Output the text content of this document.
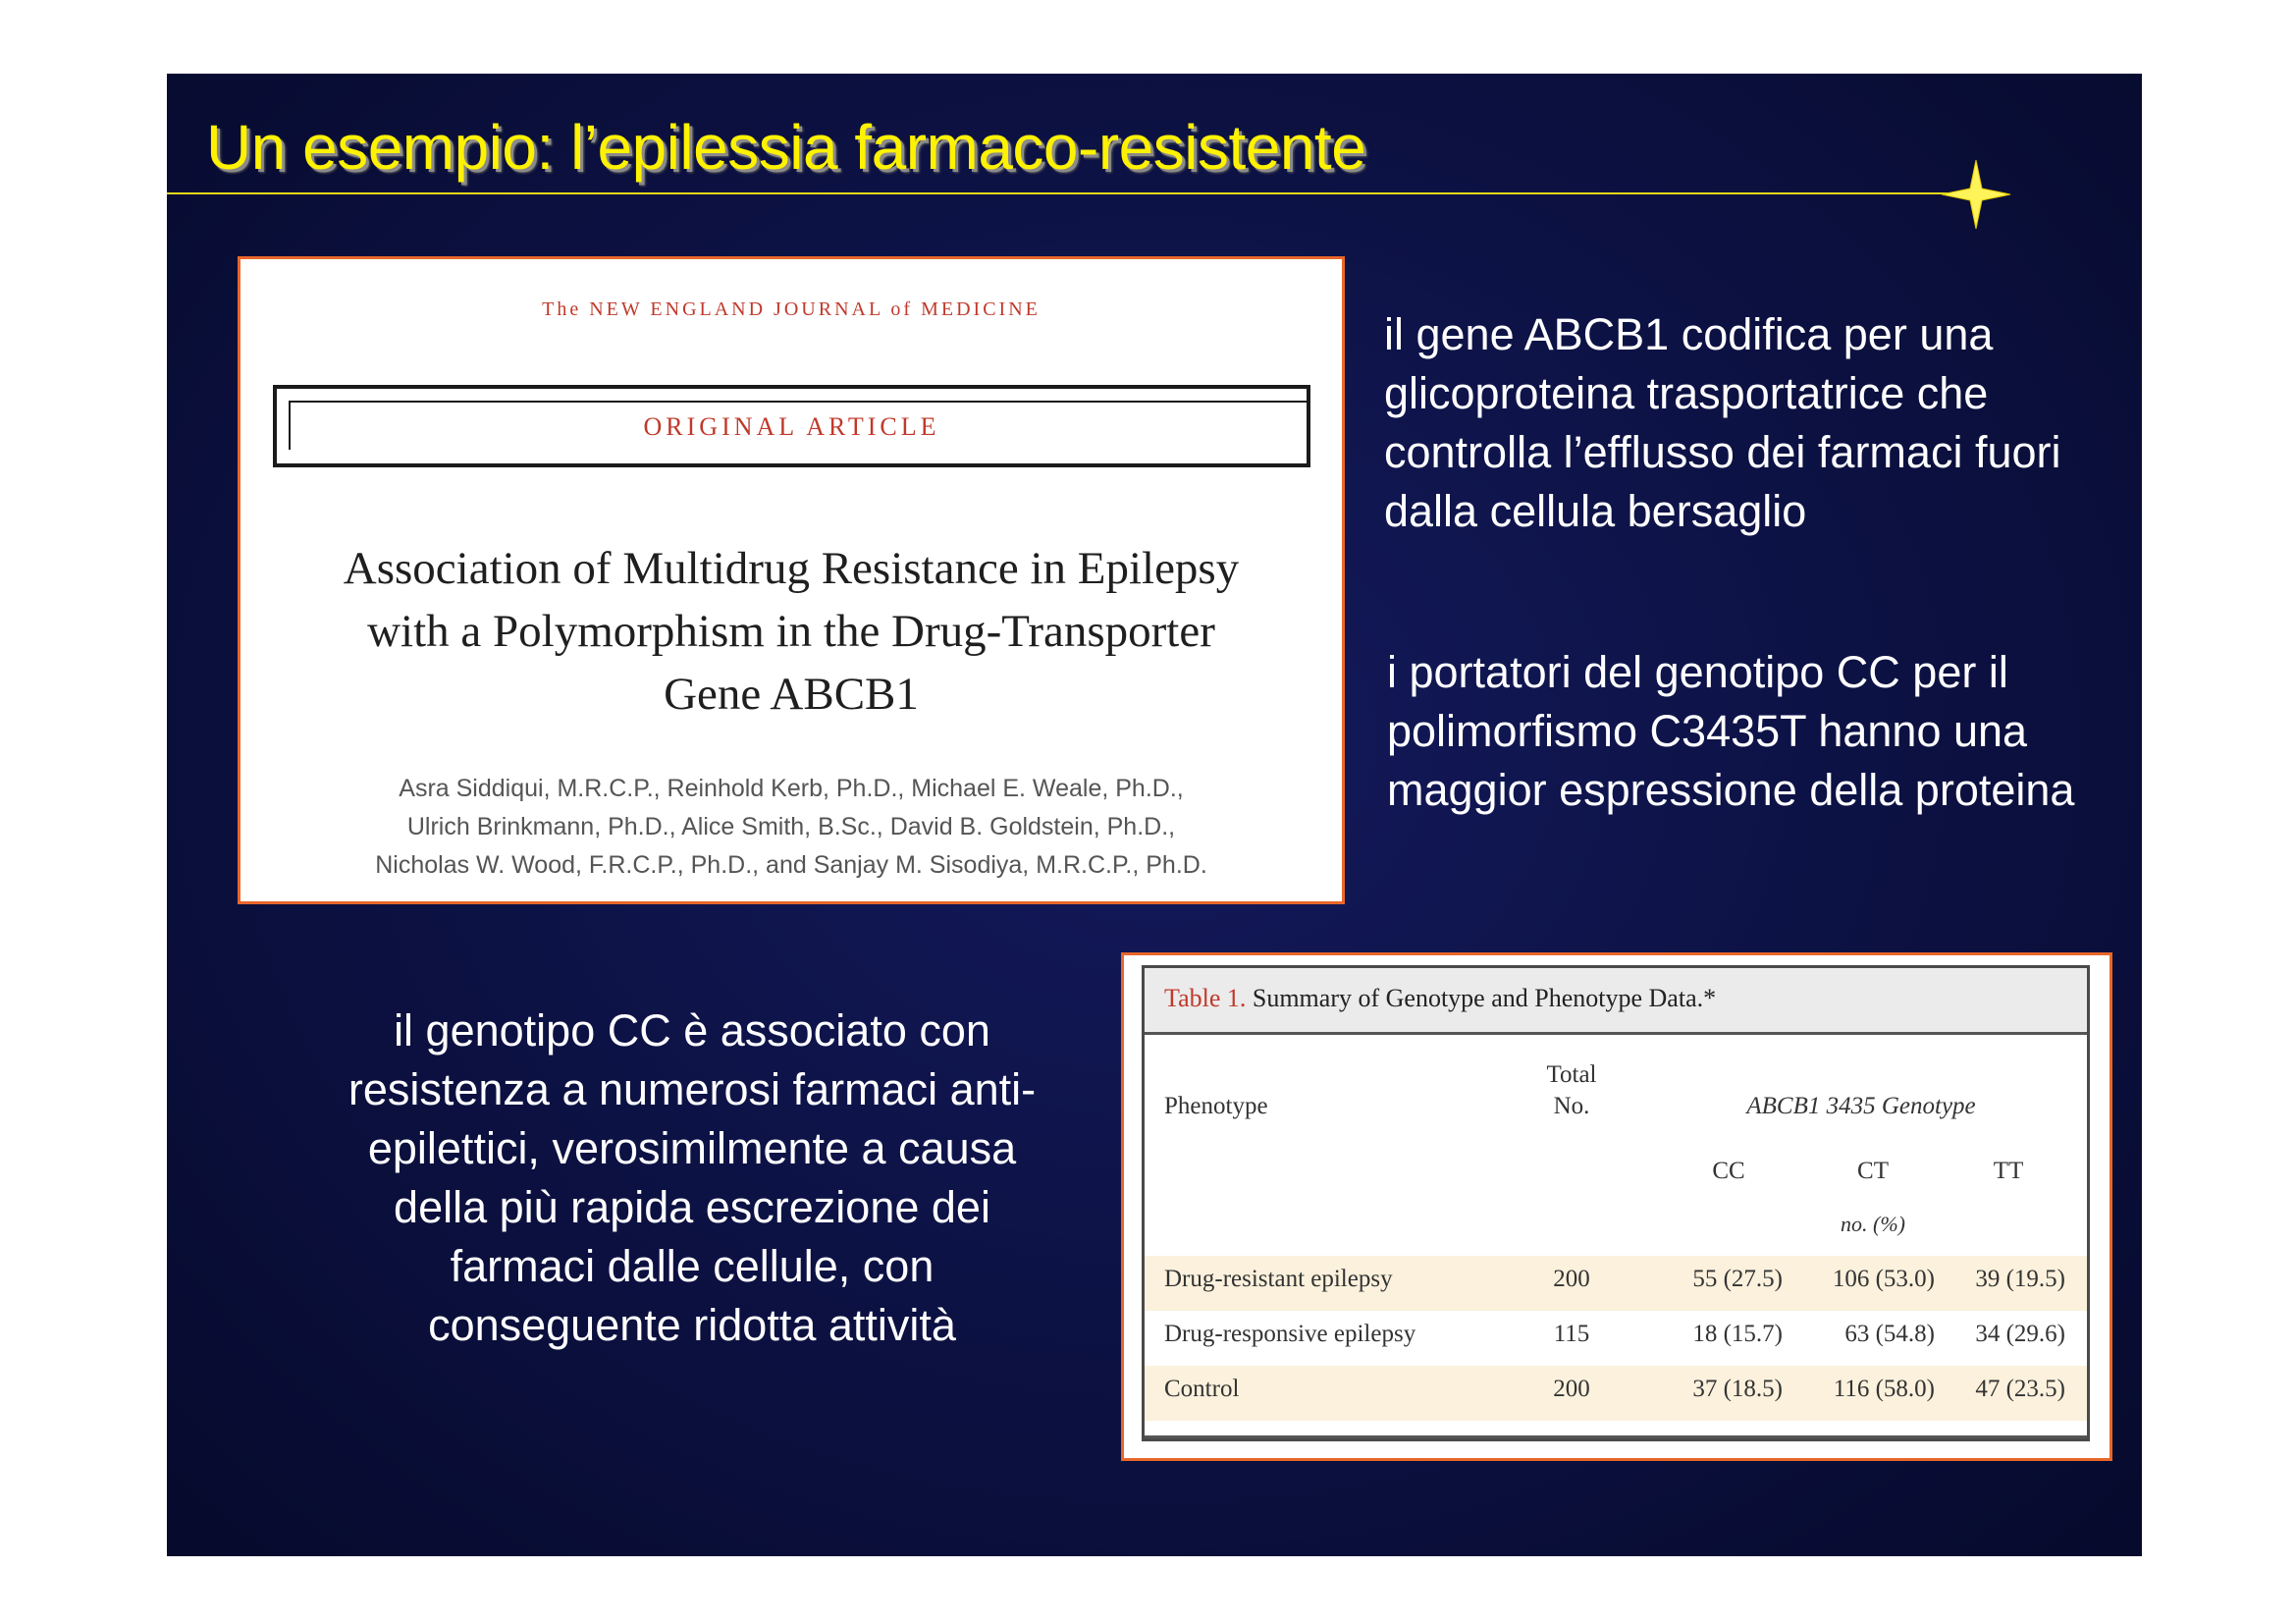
Un esempio: l’epilessia farmaco-resistente
The NEW ENGLAND JOURNAL of MEDICINE
ORIGINAL ARTICLE
Association of Multidrug Resistance in Epilepsy
with a Polymorphism in the Drug-Transporter
Gene ABCB1
Asra Siddiqui, M.R.C.P., Reinhold Kerb, Ph.D., Michael E. Weale, Ph.D.,
Ulrich Brinkmann, Ph.D., Alice Smith, B.Sc., David B. Goldstein, Ph.D.,
Nicholas W. Wood, F.R.C.P., Ph.D., and Sanjay M. Sisodiya, M.R.C.P., Ph.D.

il gene ABCB1 codifica per una glicoproteina trasportatrice che controlla l’efflusso dei farmaci fuori dalla cellula bersaglio

i portatori del genotipo CC per il polimorfismo C3435T hanno una maggior espressione della proteina

il genotipo CC è associato con resistenza a numerosi farmaci anti-epilettici, verosimilmente a causa della più rapida escrezione dei farmaci dalle cellule, con conseguente ridotta attività

Table 1. Summary of Genotype and Phenotype Data.*
Phenotype
Total
No.	ABCB1 3435 Genotype
CC	CT	TT
no. (%)
Drug-resistant epilepsy	200	55 (27.5)	106 (53.0)	39 (19.5)
Drug-responsive epilepsy	115	18 (15.7)	63 (54.8)	34 (29.6)
Control	200	37 (18.5)	116 (58.0)	47 (23.5)
